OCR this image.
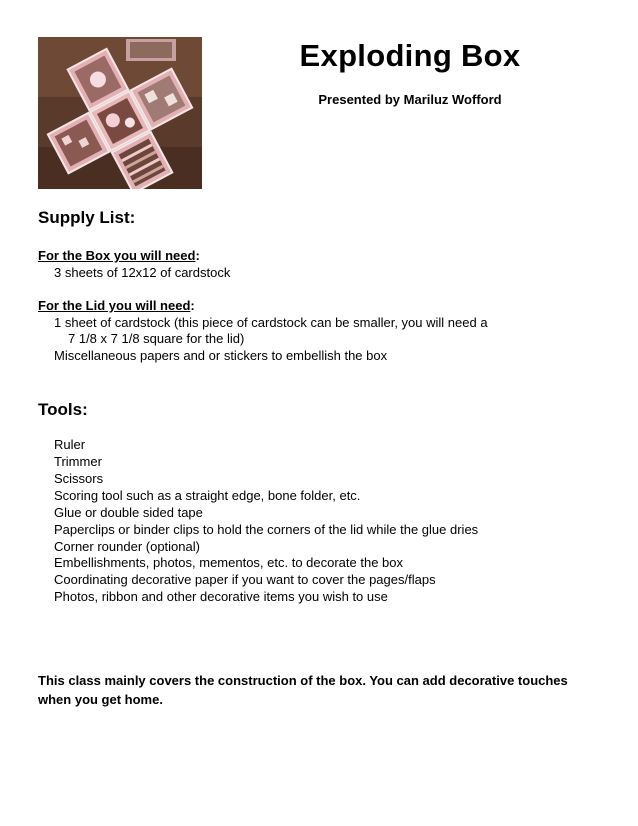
Exploding Box
Presented by Mariluz Wofford
Supply List:
For the Box you will need:
3 sheets of 12x12 of cardstock
For the Lid you will need:
1 sheet of cardstock (this piece of cardstock can be smaller, you will need a
7 1/8 x 7 1/8 square for the lid)
Miscellaneous papers and or stickers to embellish the box
Tools:
Ruler
Trimmer
Scissors
Scoring tool such as a straight edge, bone folder, etc.
Glue or double sided tape
Paperclips or binder clips to hold the corners of the lid while the glue dries
Corner rounder (optional)
Embellishments, photos, mementos, etc. to decorate the box
Coordinating decorative paper if you want to cover the pages/flaps
Photos, ribbon and other decorative items you wish to use
This class mainly covers the construction of the box. You can add decorative touches when you get home.
